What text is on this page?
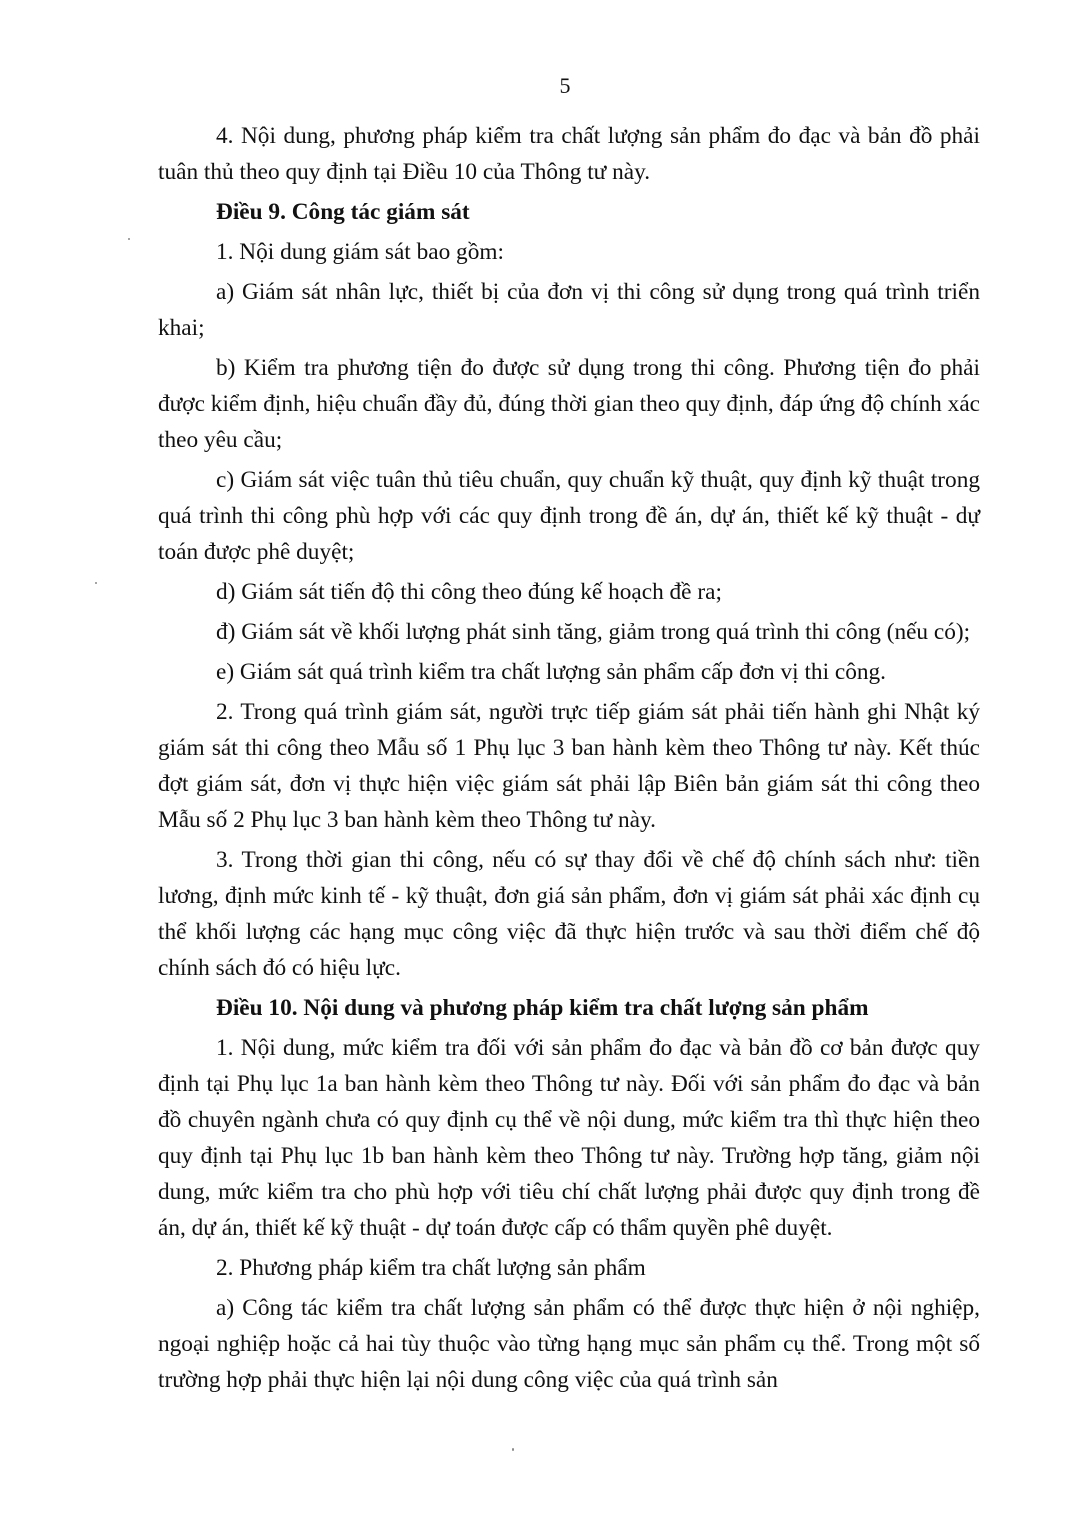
5

4. Nội dung, phương pháp kiểm tra chất lượng sản phẩm đo đạc và bản đồ phải tuân thủ theo quy định tại Điều 10 của Thông tư này.

Điều 9. Công tác giám sát

1. Nội dung giám sát bao gồm:

a) Giám sát nhân lực, thiết bị của đơn vị thi công sử dụng trong quá trình triển khai;

b) Kiểm tra phương tiện đo được sử dụng trong thi công. Phương tiện đo phải được kiểm định, hiệu chuẩn đầy đủ, đúng thời gian theo quy định, đáp ứng độ chính xác theo yêu cầu;

c) Giám sát việc tuân thủ tiêu chuẩn, quy chuẩn kỹ thuật, quy định kỹ thuật trong quá trình thi công phù hợp với các quy định trong đề án, dự án, thiết kế kỹ thuật - dự toán được phê duyệt;

d) Giám sát tiến độ thi công theo đúng kế hoạch đề ra;

đ) Giám sát về khối lượng phát sinh tăng, giảm trong quá trình thi công (nếu có);

e) Giám sát quá trình kiểm tra chất lượng sản phẩm cấp đơn vị thi công.

2. Trong quá trình giám sát, người trực tiếp giám sát phải tiến hành ghi Nhật ký giám sát thi công theo Mẫu số 1 Phụ lục 3 ban hành kèm theo Thông tư này. Kết thúc đợt giám sát, đơn vị thực hiện việc giám sát phải lập Biên bản giám sát thi công theo Mẫu số 2 Phụ lục 3 ban hành kèm theo Thông tư này.

3. Trong thời gian thi công, nếu có sự thay đổi về chế độ chính sách như: tiền lương, định mức kinh tế - kỹ thuật, đơn giá sản phẩm, đơn vị giám sát phải xác định cụ thể khối lượng các hạng mục công việc đã thực hiện trước và sau thời điểm chế độ chính sách đó có hiệu lực.

Điều 10. Nội dung và phương pháp kiểm tra chất lượng sản phẩm

1. Nội dung, mức kiểm tra đối với sản phẩm đo đạc và bản đồ cơ bản được quy định tại Phụ lục 1a ban hành kèm theo Thông tư này. Đối với sản phẩm đo đạc và bản đồ chuyên ngành chưa có quy định cụ thể về nội dung, mức kiểm tra thì thực hiện theo quy định tại Phụ lục 1b ban hành kèm theo Thông tư này. Trường hợp tăng, giảm nội dung, mức kiểm tra cho phù hợp với tiêu chí chất lượng phải được quy định trong đề án, dự án, thiết kế kỹ thuật - dự toán được cấp có thẩm quyền phê duyệt.

2. Phương pháp kiểm tra chất lượng sản phẩm

a) Công tác kiểm tra chất lượng sản phẩm có thể được thực hiện ở nội nghiệp, ngoại nghiệp hoặc cả hai tùy thuộc vào từng hạng mục sản phẩm cụ thể. Trong một số trường hợp phải thực hiện lại nội dung công việc của quá trình sản
